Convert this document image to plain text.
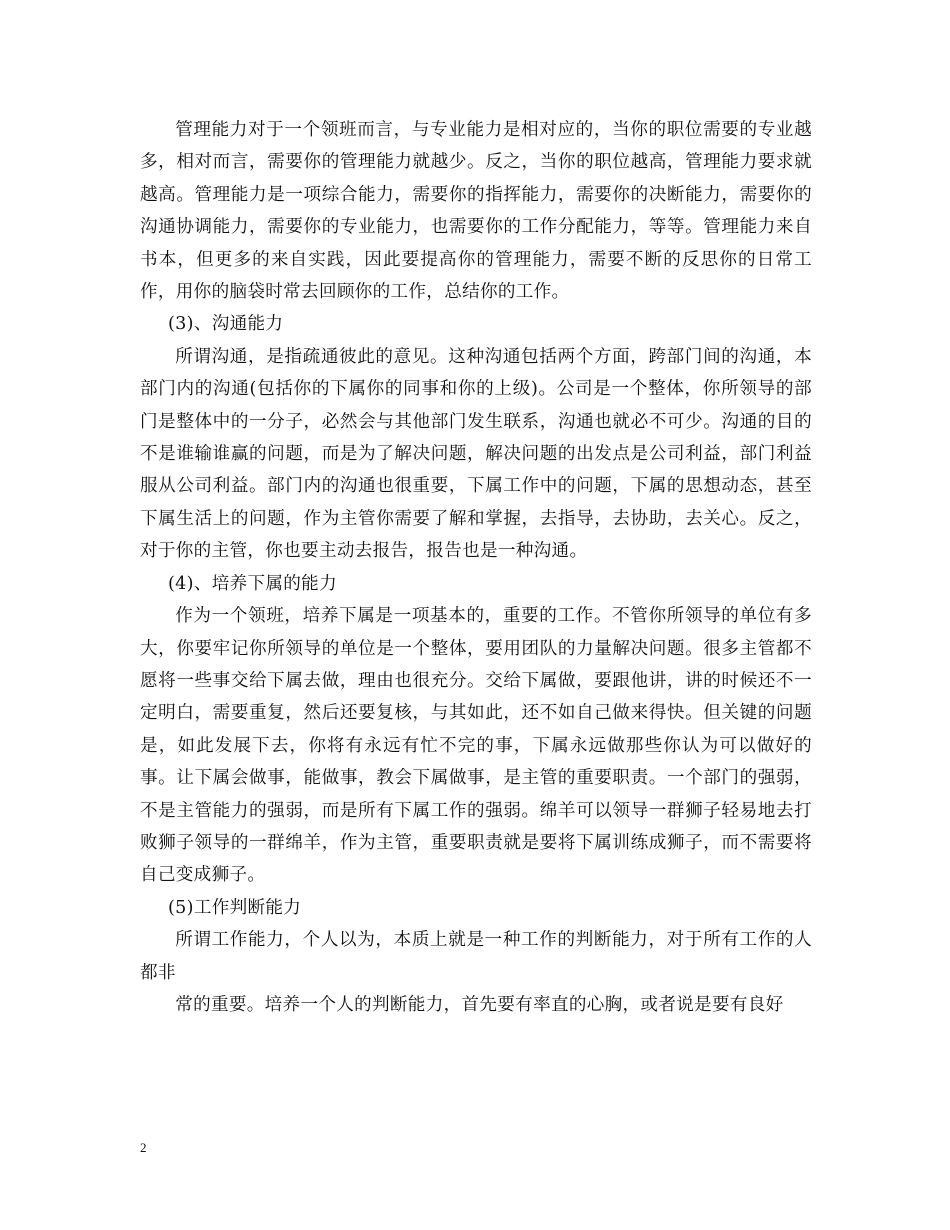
管理能力对于一个领班而言，与专业能力是相对应的，当你的职位需要的专业越多，相对而言，需要你的管理能力就越少。反之，当你的职位越高，管理能力要求就越高。管理能力是一项综合能力，需要你的指挥能力，需要你的决断能力，需要你的沟通协调能力，需要你的专业能力，也需要你的工作分配能力，等等。管理能力来自书本，但更多的来自实践，因此要提高你的管理能力，需要不断的反思你的日常工作，用你的脑袋时常去回顾你的工作，总结你的工作。

(3)、沟通能力

所谓沟通，是指疏通彼此的意见。这种沟通包括两个方面，跨部门间的沟通，本部门内的沟通(包括你的下属你的同事和你的上级)。公司是一个整体，你所领导的部门是整体中的一分子，必然会与其他部门发生联系，沟通也就必不可少。沟通的目的不是谁输谁赢的问题，而是为了解决问题，解决问题的出发点是公司利益，部门利益服从公司利益。部门内的沟通也很重要，下属工作中的问题，下属的思想动态，甚至下属生活上的问题，作为主管你需要了解和掌握，去指导，去协助，去关心。反之，对于你的主管，你也要主动去报告，报告也是一种沟通。

(4)、培养下属的能力

作为一个领班，培养下属是一项基本的，重要的工作。不管你所领导的单位有多大，你要牢记你所领导的单位是一个整体，要用团队的力量解决问题。很多主管都不愿将一些事交给下属去做，理由也很充分。交给下属做，要跟他讲，讲的时候还不一定明白，需要重复，然后还要复核，与其如此，还不如自己做来得快。但关键的问题是，如此发展下去，你将有永远有忙不完的事，下属永远做那些你认为可以做好的事。让下属会做事，能做事，教会下属做事，是主管的重要职责。一个部门的强弱，不是主管能力的强弱，而是所有下属工作的强弱。绵羊可以领导一群狮子轻易地去打败狮子领导的一群绵羊，作为主管，重要职责就是要将下属训练成狮子，而不需要将自己变成狮子。

(5)工作判断能力

所谓工作能力，个人以为，本质上就是一种工作的判断能力，对于所有工作的人都非

常的重要。培养一个人的判断能力，首先要有率直的心胸，或者说是要有良好

2
